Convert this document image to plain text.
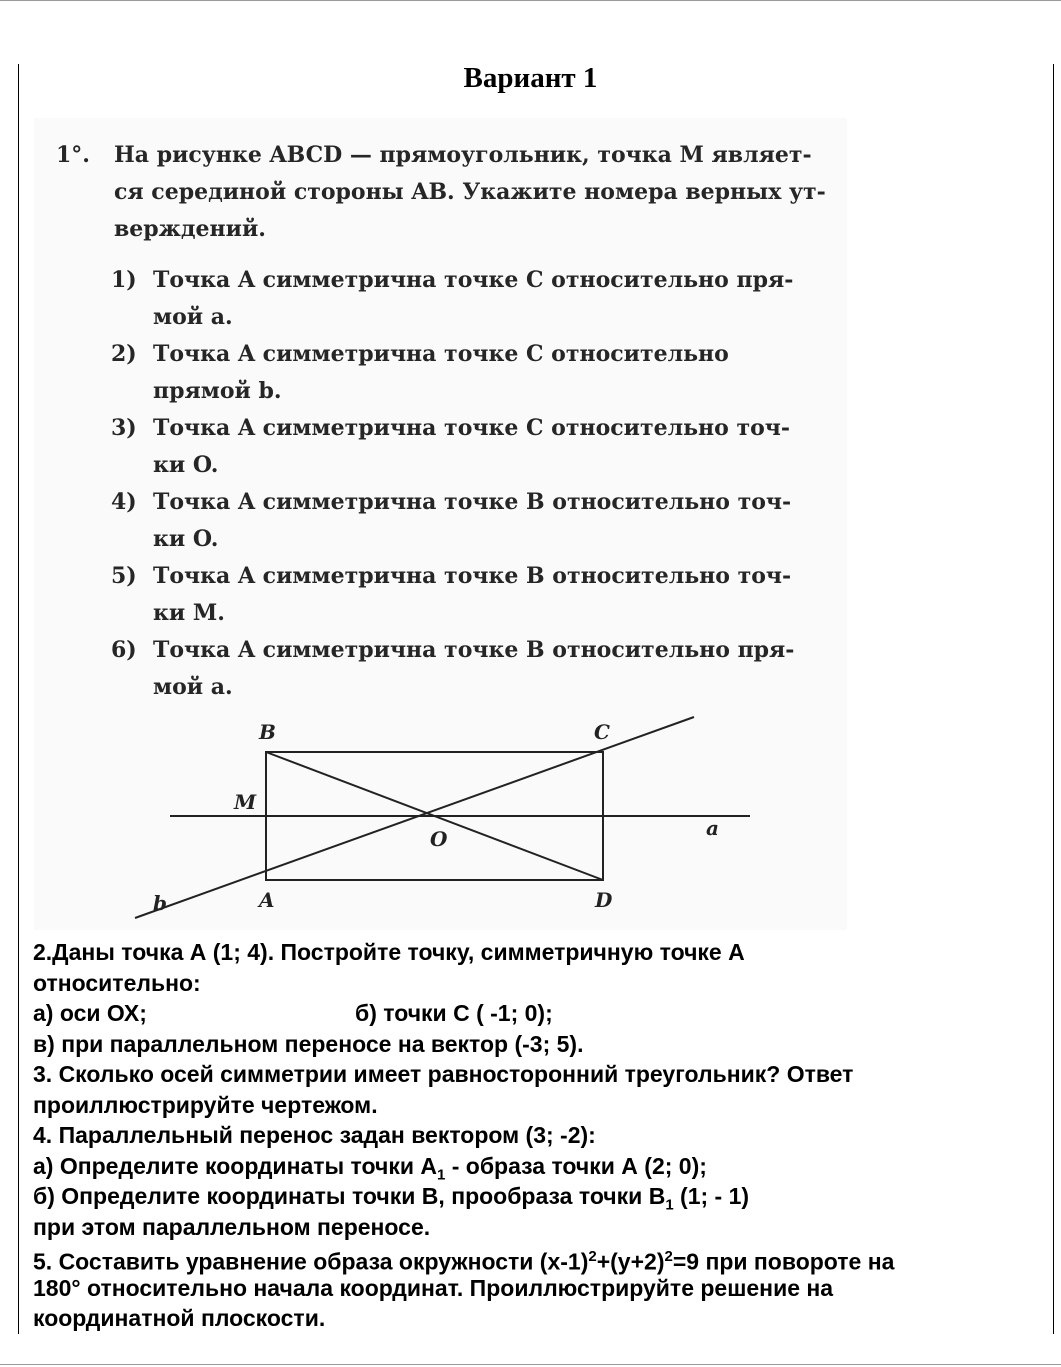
Вариант 1
1°. На рисунке ABCD — прямоугольник, точка M являет-
ся серединой стороны AB. Укажите номера верных ут-
верждений.
1) Точка A симметрична точке C относительно пря-
мой a.
2) Точка A симметрична точке C относительно
прямой b.
3) Точка A симметрична точке C относительно точ-
ки O.
4) Точка A симметрична точке B относительно точ-
ки O.
5) Точка A симметрична точке B относительно точ-
ки M.
6) Точка A симметрична точке B относительно пря-
мой a.
B	C
M
O	a
b	A	D
2.Даны точка А (1; 4). Постройте точку, симметричную точке А
относительно:
а) оси ОХ;	б) точки С ( -1; 0);
в) при параллельном переносе на вектор (-3; 5).
3. Сколько осей симметрии имеет равносторонний треугольник? Ответ
проиллюстрируйте чертежом.
4. Параллельный перенос задан вектором (3; -2):
а) Определите координаты точки $А_1$ - образа точки А (2; 0);
б) Определите координаты точки В, прообраза точки $В_1$ (1; - 1)
при этом параллельном переносе.
5. Составить уравнение образа окружности $(х-1)^2+(у+2)^2=9$ при повороте на
180° относительно начала координат. Проиллюстрируйте решение на
координатной плоскости.
